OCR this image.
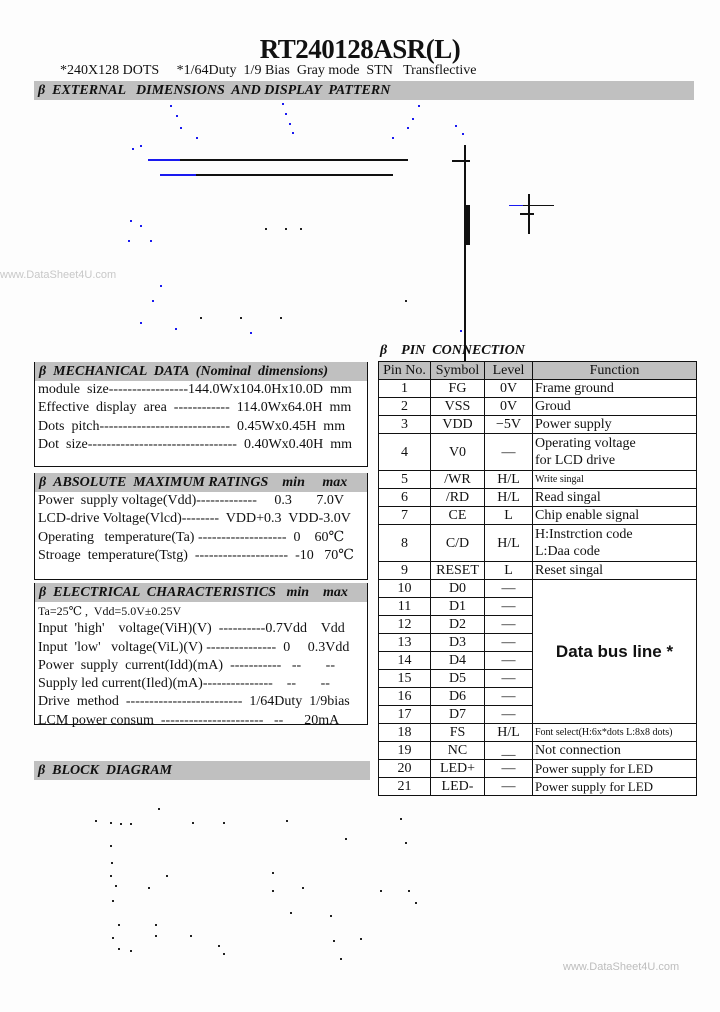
RT240128ASR(L)
*240X128 DOTS     *1/64Duty  1/9 Bias  Gray mode  STN   Transflective
β  EXTERNAL   DIMENSIONS  AND DISPLAY  PATTERN
www.DataSheet4U.com
β  MECHANICAL  DATA  (Nominal  dimensions)
module  size-----------------144.0Wx104.0Hx10.0D  mm
Effective  display  area  ------------  114.0Wx64.0H  mm
Dots  pitch----------------------------  0.45Wx0.45H  mm
Dot  size--------------------------------  0.40Wx0.40H  mm
β  ABSOLUTE  MAXIMUM RATINGS    min     max
Power  supply voltage(Vdd)-------------     0.3       7.0V
LCD-drive Voltage(Vlcd)--------  VDD+0.3  VDD-3.0V
Operating   temperature(Ta) -------------------  0    60℃
Stroage  temperature(Tstg)  --------------------  -10   70℃
β  ELECTRICAL  CHARACTERISTICS   min    max
Ta=25℃ ,  Vdd=5.0V±0.25V
Input  'high'    voltage(ViH)(V)  ----------0.7Vdd    Vdd
Input  'low'   voltage(ViL)(V) ---------------  0     0.3Vdd
Power  supply  current(Idd)(mA)  -----------   --       --
Supply led current(Iled)(mA)---------------    --       --
Drive  method  -------------------------  1/64Duty  1/9bias
LCM power consum  ----------------------   --      20mA
β  BLOCK  DIAGRAM
β    PIN  CONNECTION
Pin No.	Symbol	Level	Function
1	FG	0V	Frame ground
2	VSS	0V	Groud
3	VDD	−5V	Power supply
4	V0	—	Operating voltage
for LCD drive

5	/WR	H/L	Write singal
6	/RD	H/L	Read singal
7	CE	L	Chip enable signal
8	C/D	H/L	H:Instrction code
L:Daa code

9	RESET	L	Reset singal
10	D0	—	Data bus line *
11	D1	—	
12	D2	—	
13	D3	—	
14	D4	—	
15	D5	—	
16	D6	—	
17	D7	—	
18	FS	H/L	Font select(H:6x*dots L:8x8 dots)
19	NC	__	Not connection
20	LED+	—	Power supply for LED
21	LED-	—	Power supply for LED
www.DataSheet4U.com
